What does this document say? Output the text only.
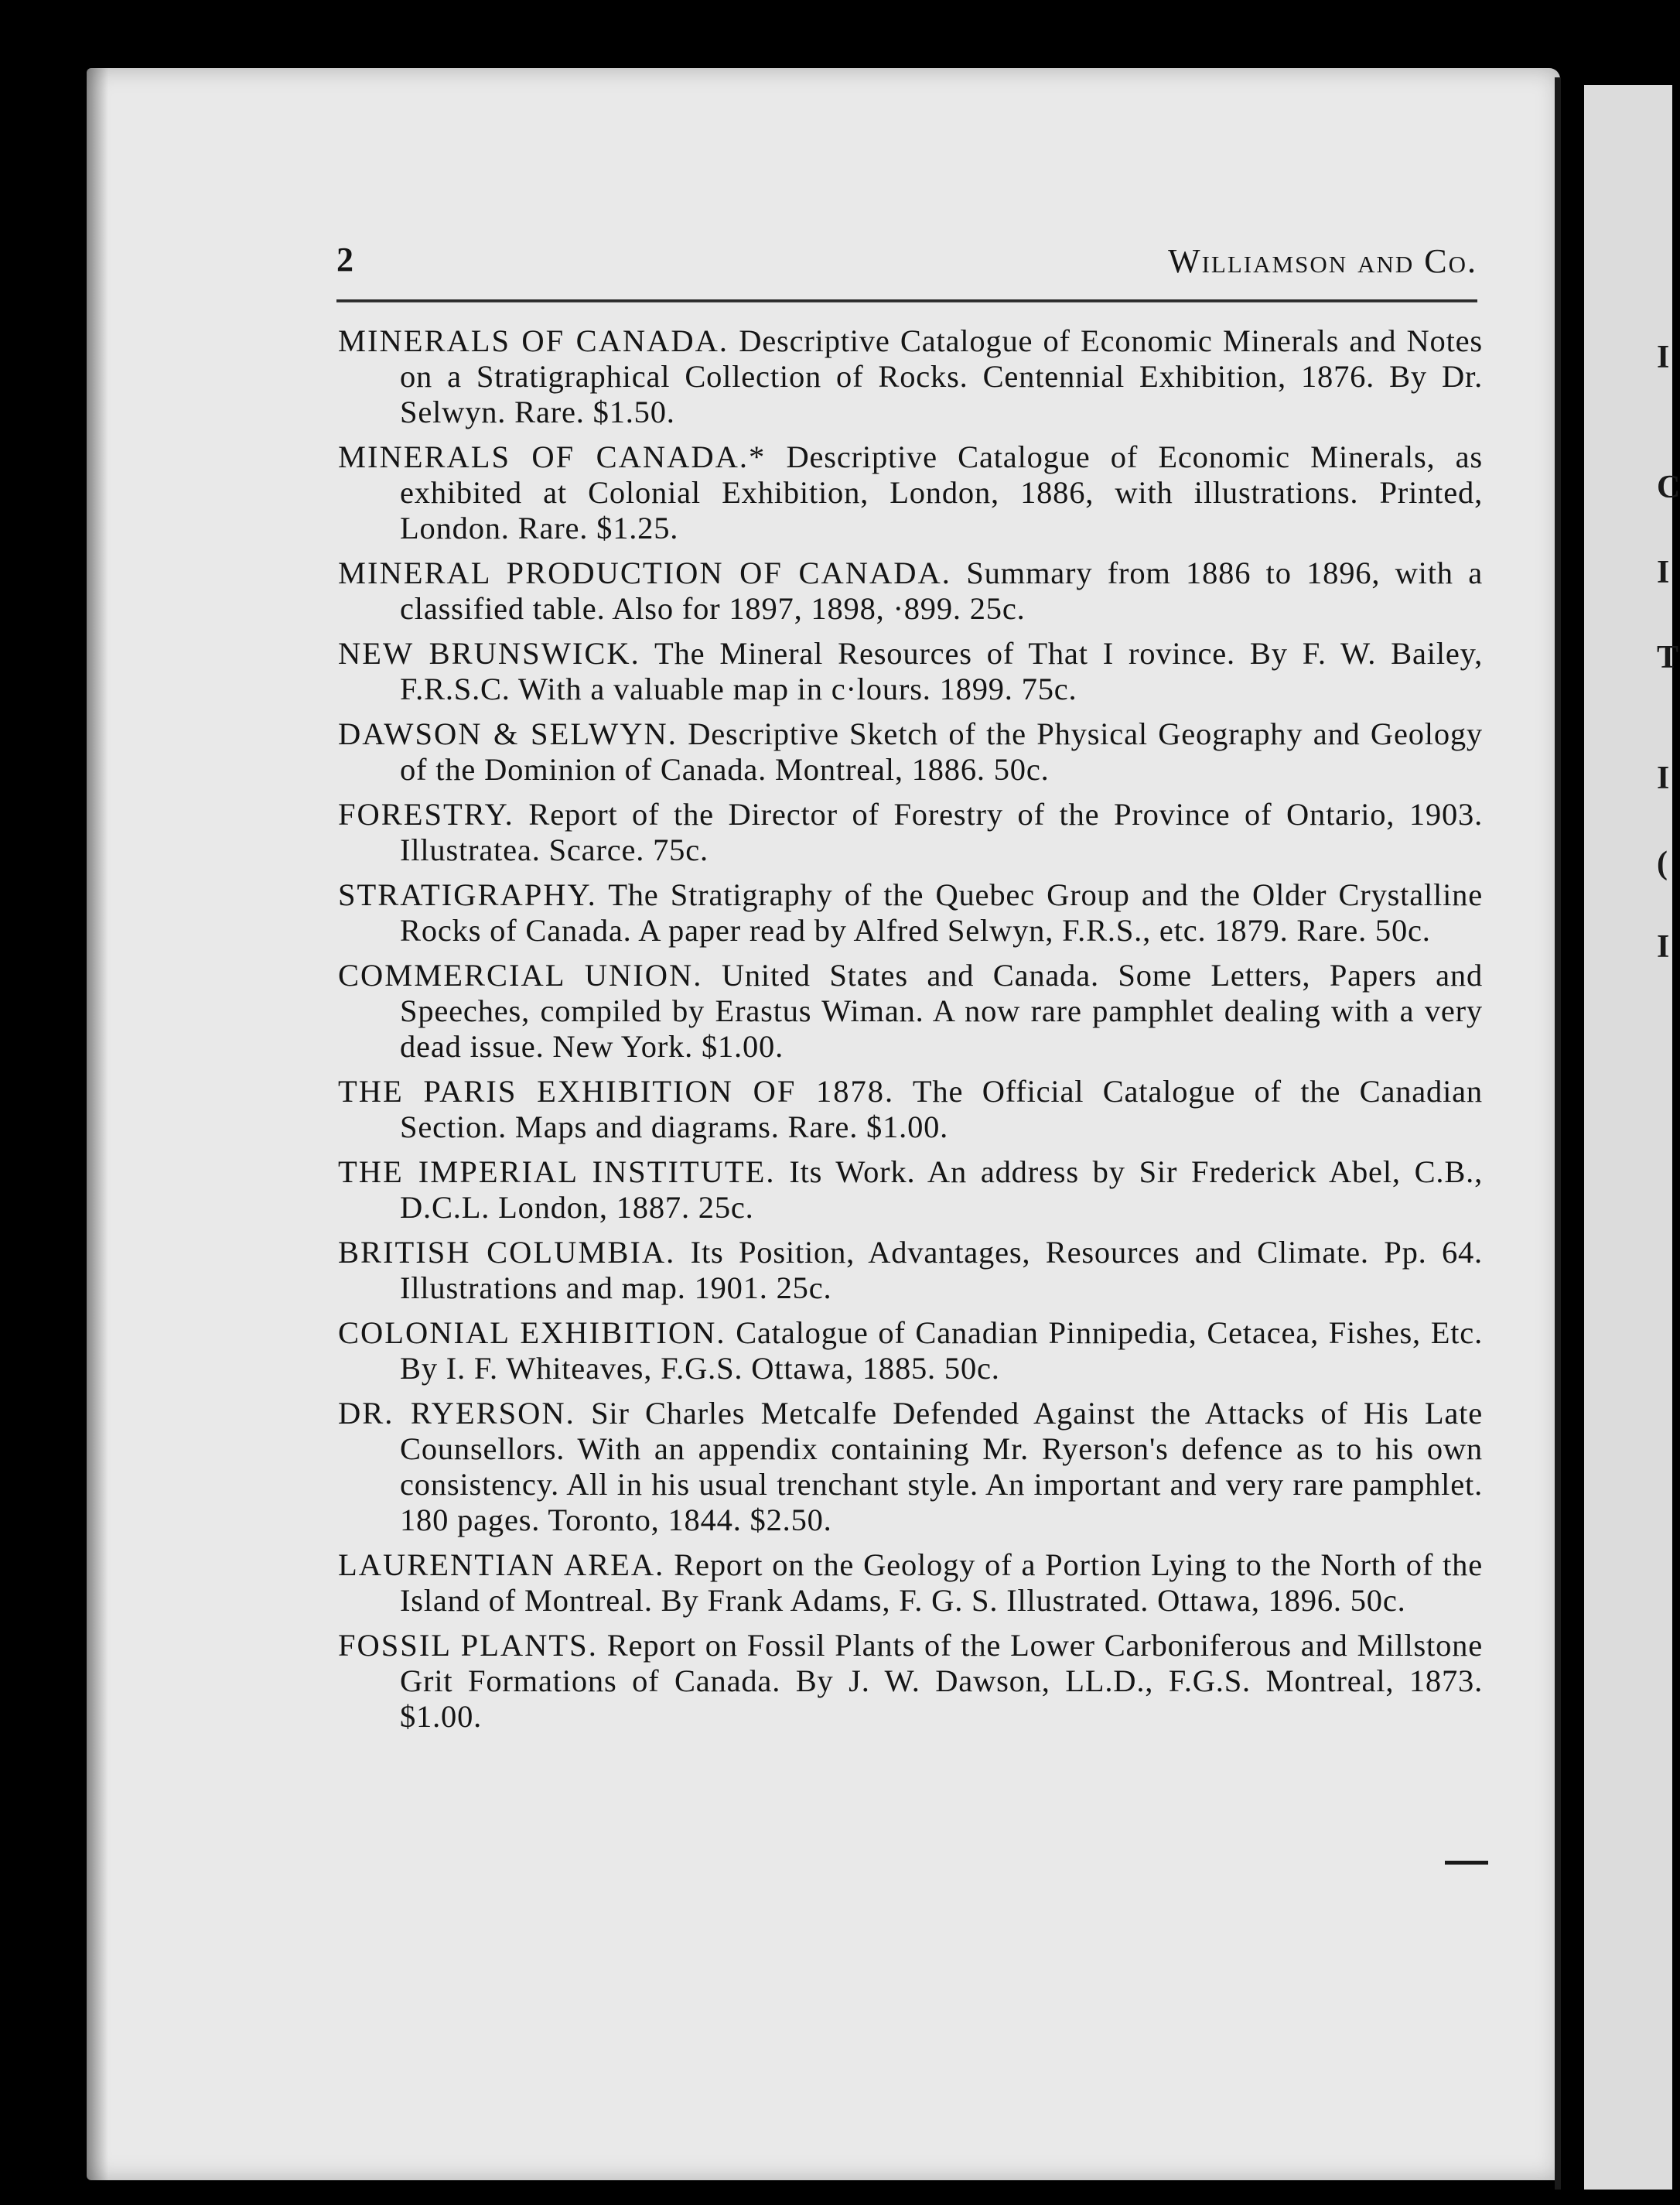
I
C
I
T
I
(
I
2	Williamson and Co.

MINERALS OF CANADA. Descriptive Catalogue of Economic Minerals and Notes on a Stratigraphical Collection of Rocks. Centennial Exhibition, 1876. By Dr. Selwyn. Rare. $1.50.

MINERALS OF CANADA.* Descriptive Catalogue of Economic Minerals, as exhibited at Colonial Exhibition, London, 1886, with illustrations. Printed, London. Rare. $1.25.

MINERAL PRODUCTION OF CANADA. Summary from 1886 to 1896, with a classified table. Also for 1897, 1898, ·899. 25c.

NEW BRUNSWICK. The Mineral Resources of That I rovince. By F. W. Bailey, F.R.S.C. With a valuable map in c·lours. 1899. 75c.

DAWSON & SELWYN. Descriptive Sketch of the Physical Geography and Geology of the Dominion of Canada. Montreal, 1886. 50c.

FORESTRY. Report of the Director of Forestry of the Province of Ontario, 1903. Illustratea. Scarce. 75c.

STRATIGRAPHY. The Stratigraphy of the Quebec Group and the Older Crystalline Rocks of Canada. A paper read by Alfred Selwyn, F.R.S., etc. 1879. Rare. 50c.

COMMERCIAL UNION. United States and Canada. Some Letters, Papers and Speeches, compiled by Erastus Wiman. A now rare pamphlet dealing with a very dead issue. New York. $1.00.

THE PARIS EXHIBITION OF 1878. The Official Catalogue of the Canadian Section. Maps and diagrams. Rare. $1.00.

THE IMPERIAL INSTITUTE. Its Work. An address by Sir Frederick Abel, C.B., D.C.L. London, 1887. 25c.

BRITISH COLUMBIA. Its Position, Advantages, Resources and Climate. Pp. 64. Illustrations and map. 1901. 25c.

COLONIAL EXHIBITION. Catalogue of Canadian Pinnipedia, Cetacea, Fishes, Etc. By I. F. Whiteaves, F.G.S. Ottawa, 1885. 50c.

DR. RYERSON. Sir Charles Metcalfe Defended Against the Attacks of His Late Counsellors. With an appendix containing Mr. Ryerson's defence as to his own consistency. All in his usual trenchant style. An important and very rare pamphlet. 180 pages. Toronto, 1844. $2.50.

LAURENTIAN AREA. Report on the Geology of a Portion Lying to the North of the Island of Montreal. By Frank Adams, F. G. S. Illustrated. Ottawa, 1896. 50c.

FOSSIL PLANTS. Report on Fossil Plants of the Lower Carboniferous and Millstone Grit Formations of Canada. By J. W. Dawson, LL.D., F.G.S. Montreal, 1873. $1.00.
